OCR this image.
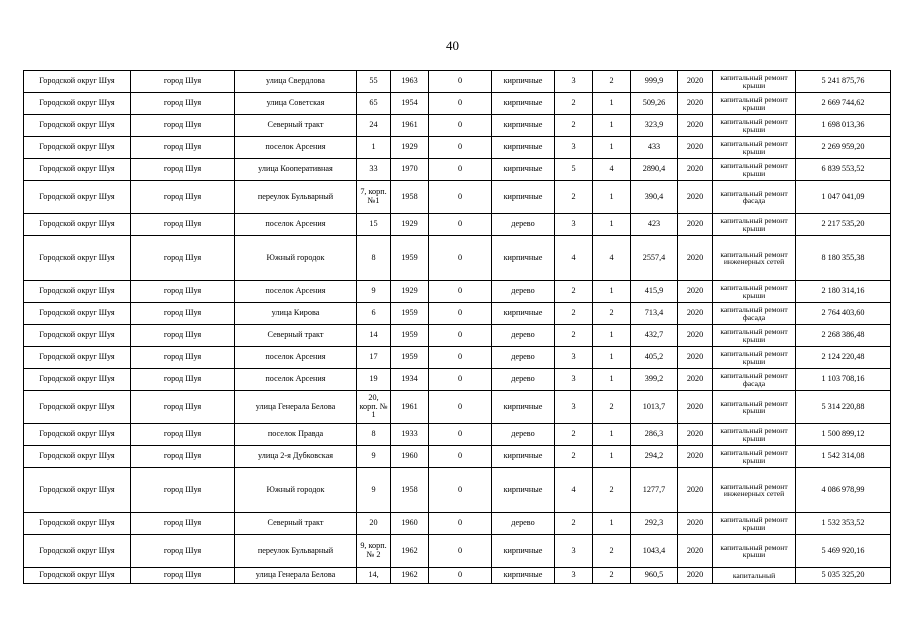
40
Городской округ Шуя	город Шуя	улица Свердлова	55	1963	0	кирпичные	3	2	999,9	2020	капитальный ремонт крыши	5 241 875,76
Городской округ Шуя	город Шуя	улица Советская	65	1954	0	кирпичные	2	1	509,26	2020	капитальный ремонт крыши	2 669 744,62
Городской округ Шуя	город Шуя	Северный тракт	24	1961	0	кирпичные	2	1	323,9	2020	капитальный ремонт крыши	1 698 013,36
Городской округ Шуя	город Шуя	поселок Арсения	1	1929	0	кирпичные	3	1	433	2020	капитальный ремонт крыши	2 269 959,20
Городской округ Шуя	город Шуя	улица Кооперативная	33	1970	0	кирпичные	5	4	2890,4	2020	капитальный ремонт крыши	6 839 553,52
Городской округ Шуя	город Шуя	переулок Бульварный	7, корп. №1	1958	0	кирпичные	2	1	390,4	2020	капитальный ремонт фасада	1 047 041,09
Городской округ Шуя	город Шуя	поселок Арсения	15	1929	0	дерево	3	1	423	2020	капитальный ремонт крыши	2 217 535,20
Городской округ Шуя	город Шуя	Южный городок	8	1959	0	кирпичные	4	4	2557,4	2020	капитальный ремонт инженерных сетей	8 180 355,38
Городской округ Шуя	город Шуя	поселок Арсения	9	1929	0	дерево	2	1	415,9	2020	капитальный ремонт крыши	2 180 314,16
Городской округ Шуя	город Шуя	улица Кирова	6	1959	0	кирпичные	2	2	713,4	2020	капитальный ремонт фасада	2 764 403,60
Городской округ Шуя	город Шуя	Северный тракт	14	1959	0	дерево	2	1	432,7	2020	капитальный ремонт крыши	2 268 386,48
Городской округ Шуя	город Шуя	поселок Арсения	17	1959	0	дерево	3	1	405,2	2020	капитальный ремонт крыши	2 124 220,48
Городской округ Шуя	город Шуя	поселок Арсения	19	1934	0	дерево	3	1	399,2	2020	капитальный ремонт фасада	1 103 708,16
Городской округ Шуя	город Шуя	улица Генерала Белова	20, корп. № 1	1961	0	кирпичные	3	2	1013,7	2020	капитальный ремонт крыши	5 314 220,88
Городской округ Шуя	город Шуя	поселок Правда	8	1933	0	дерево	2	1	286,3	2020	капитальный ремонт крыши	1 500 899,12
Городской округ Шуя	город Шуя	улица 2-я Дубковская	9	1960	0	кирпичные	2	1	294,2	2020	капитальный ремонт крыши	1 542 314,08
Городской округ Шуя	город Шуя	Южный городок	9	1958	0	кирпичные	4	2	1277,7	2020	капитальный ремонт инженерных сетей	4 086 978,99
Городской округ Шуя	город Шуя	Северный тракт	20	1960	0	дерево	2	1	292,3	2020	капитальный ремонт крыши	1 532 353,52
Городской округ Шуя	город Шуя	переулок Бульварный	9, корп. № 2	1962	0	кирпичные	3	2	1043,4	2020	капитальный ремонт крыши	5 469 920,16
Городской округ Шуя	город Шуя	улица Генерала Белова	14,	1962	0	кирпичные	3	2	960,5	2020	капитальный	5 035 325,20
